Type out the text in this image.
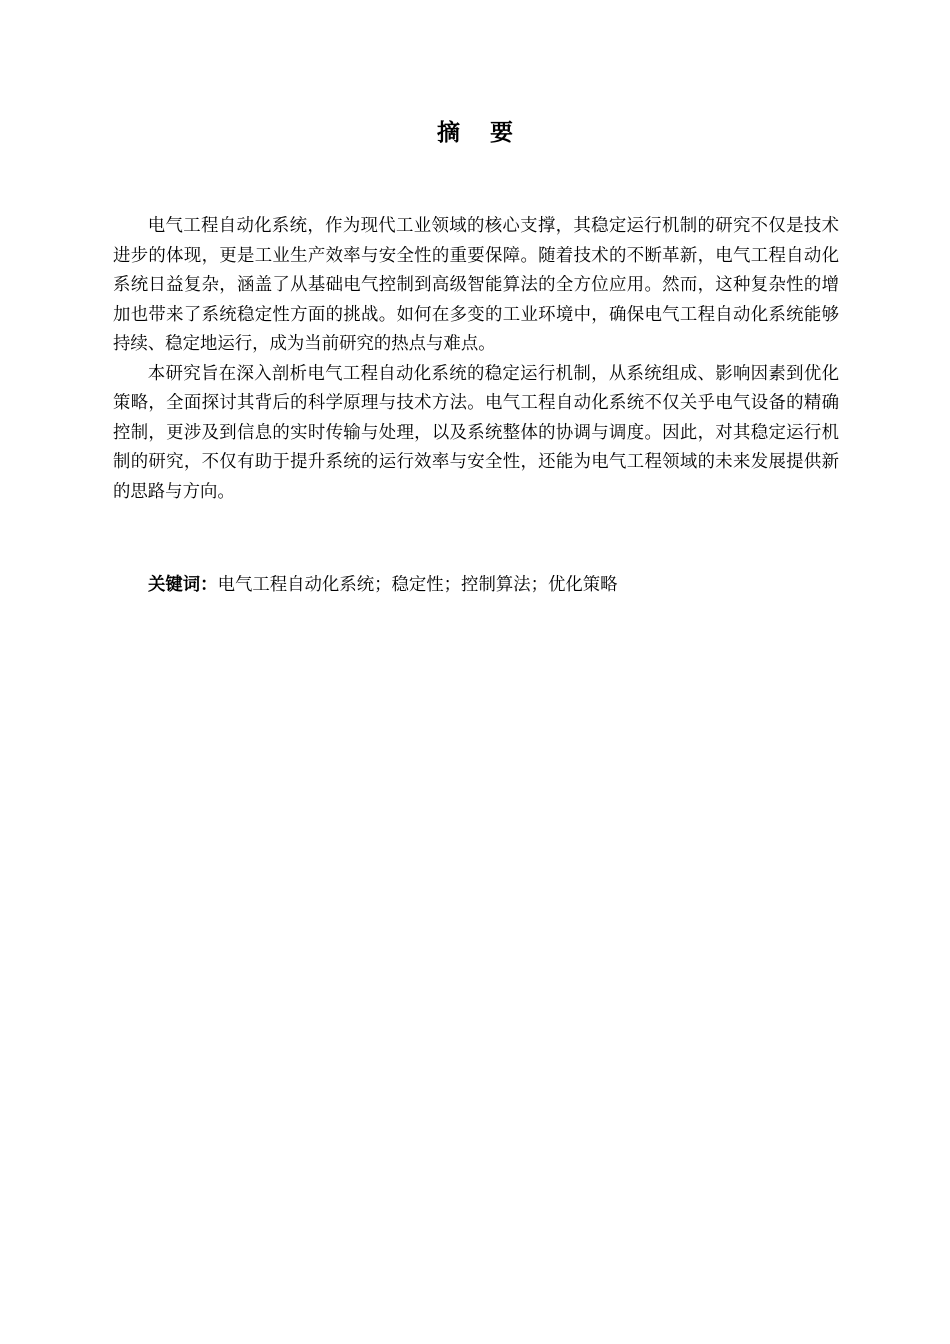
摘 要

电气工程自动化系统，作为现代工业领域的核心支撑，其稳定运行机制的研究不仅是技术进步的体现，更是工业生产效率与安全性的重要保障。随着技术的不断革新，电气工程自动化系统日益复杂，涵盖了从基础电气控制到高级智能算法的全方位应用。然而，这种复杂性的增加也带来了系统稳定性方面的挑战。如何在多变的工业环境中，确保电气工程自动化系统能够持续、稳定地运行，成为当前研究的热点与难点。

本研究旨在深入剖析电气工程自动化系统的稳定运行机制，从系统组成、影响因素到优化策略，全面探讨其背后的科学原理与技术方法。电气工程自动化系统不仅关乎电气设备的精确控制，更涉及到信息的实时传输与处理，以及系统整体的协调与调度。因此，对其稳定运行机制的研究，不仅有助于提升系统的运行效率与安全性，还能为电气工程领域的未来发展提供新的思路与方向。

关键词：电气工程自动化系统；稳定性；控制算法；优化策略
